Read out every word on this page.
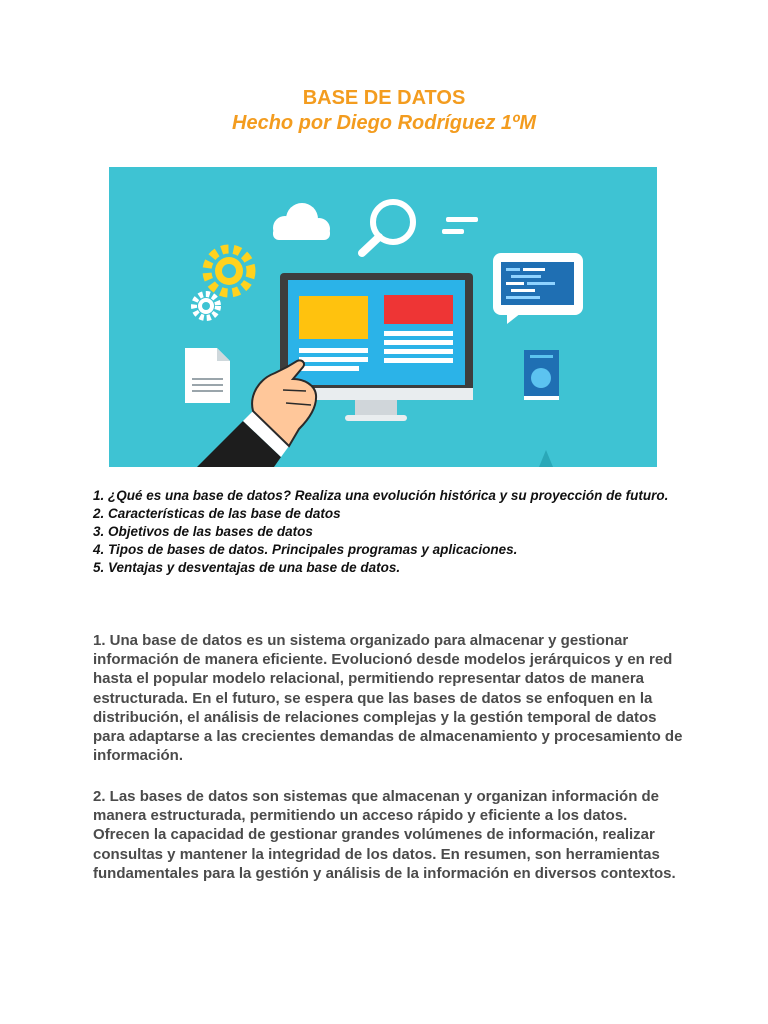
BASE DE DATOS
Hecho por Diego Rodríguez 1ºM

1. ¿Qué es una base de datos? Realiza una evolución histórica y su proyección de futuro.

2. Características de las base de datos

3. Objetivos de las bases de datos

4. Tipos de bases de datos. Principales programas y aplicaciones.

5. Ventajas y desventajas de una base de datos.

1. Una base de datos es un sistema organizado para almacenar y gestionar información de manera eficiente. Evolucionó desde modelos jerárquicos y en red hasta el popular modelo relacional, permitiendo representar datos de manera estructurada. En el futuro, se espera que las bases de datos se enfoquen en la distribución, el análisis de relaciones complejas y la gestión temporal de datos para adaptarse a las crecientes demandas de almacenamiento y procesamiento de información.

2. Las bases de datos son sistemas que almacenan y organizan información de manera estructurada, permitiendo un acceso rápido y eficiente a los datos. Ofrecen la capacidad de gestionar grandes volúmenes de información, realizar consultas y mantener la integridad de los datos. En resumen, son herramientas fundamentales para la gestión y análisis de la información en diversos contextos.
